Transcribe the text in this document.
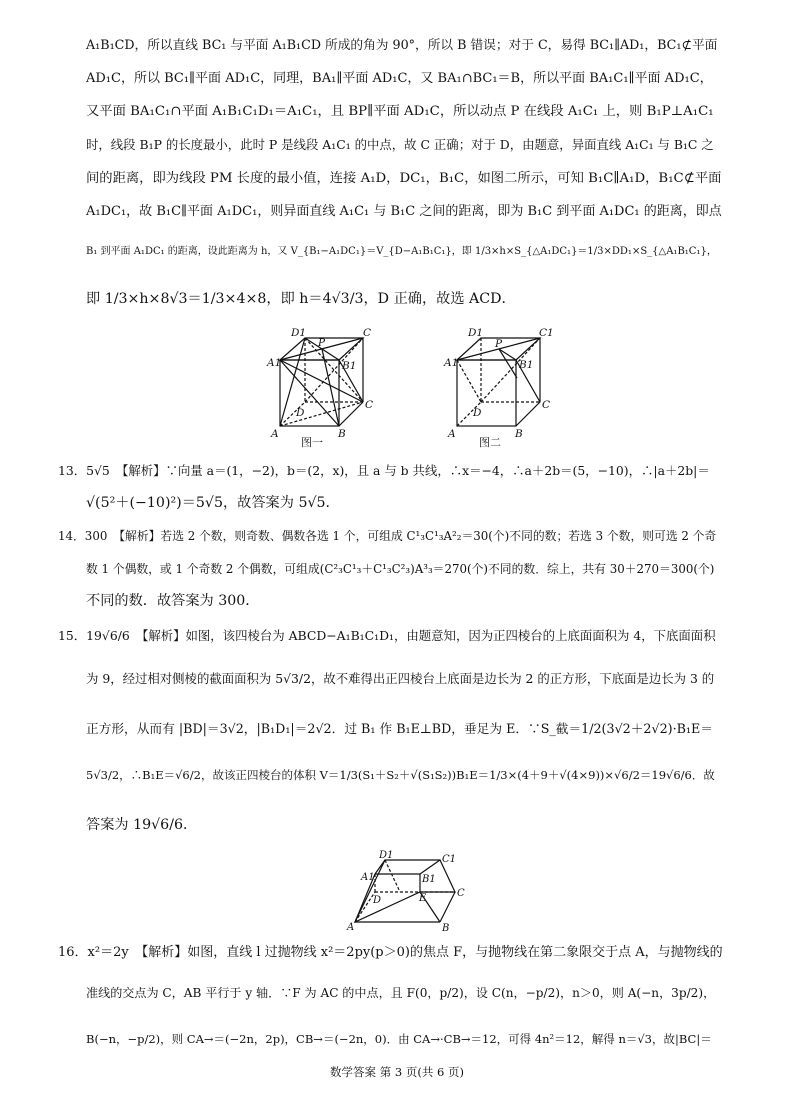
A₁B₁CD，所以直线 BC₁ 与平面 A₁B₁CD 所成的角为 90°，所以 B 错误；对于 C，易得 BC₁∥AD₁，BC₁⊄平面
AD₁C，所以 BC₁∥平面 AD₁C，同理，BA₁∥平面 AD₁C，又 BA₁∩BC₁＝B，所以平面 BA₁C₁∥平面 AD₁C，
又平面 BA₁C₁∩平面 A₁B₁C₁D₁＝A₁C₁，且 BP∥平面 AD₁C，所以动点 P 在线段 A₁C₁ 上，则 B₁P⊥A₁C₁
时，线段 B₁P 的长度最小，此时 P 是线段 A₁C₁ 的中点，故 C 正确；对于 D，由题意，异面直线 A₁C₁ 与 B₁C 之
间的距离，即为线段 PM 长度的最小值，连接 A₁D，DC₁，B₁C，如图二所示，可知 B₁C∥A₁D，B₁C⊄平面
A₁DC₁，故 B₁C∥平面 A₁DC₁，则异面直线 A₁C₁ 与 B₁C 之间的距离，即为 B₁C 到平面 A₁DC₁ 的距离，即点
B₁ 到平面 A₁DC₁ 的距离，设此距离为 h，又 V_{B₁−A₁DC₁}＝V_{D−A₁B₁C₁}，即 1/3×h×S_{△A₁DC₁}＝1/3×DD₁×S_{△A₁B₁C₁}，
即 1/3×h×8√3＝1/3×4×8，即 h＝4√3/3，D 正确，故选 ACD．
D1
P
C
A1	B1
D
A	B
C
图一
D1
P
C1
A1	B1
D
A	B
C
图二
13．5√5　【解析】∵向量 a＝(1，−2)，b＝(2，x)，且 a 与 b 共线，∴x＝−4，∴a＋2b＝(5，−10)，∴|a＋2b|＝
√(5²＋(−10)²)＝5√5，故答案为 5√5．
14．300　【解析】若选 2 个数，则奇数、偶数各选 1 个，可组成 C¹₃C¹₃A²₂＝30(个)不同的数；若选 3 个数，则可选 2 个奇
数 1 个偶数，或 1 个奇数 2 个偶数，可组成(C²₃C¹₃＋C¹₃C²₃)A³₃＝270(个)不同的数．综上，共有 30＋270＝300(个)
不同的数．故答案为 300．
15．19√6/6　【解析】如图，该四棱台为 ABCD−A₁B₁C₁D₁，由题意知，因为正四棱台的上底面面积为 4，下底面面积
为 9，经过相对侧棱的截面面积为 5√3/2，故不难得出正四棱台上底面是边长为 2 的正方形，下底面是边长为 3 的
正方形，从而有 |BD|＝3√2，|B₁D₁|＝2√2．过 B₁ 作 B₁E⊥BD，垂足为 E．∵S_截＝1/2(3√2＋2√2)·B₁E＝
5√3/2，∴B₁E＝√6/2，故该正四棱台的体积 V＝1/3(S₁＋S₂＋√(S₁S₂))B₁E＝1/3×(4＋9＋√(4×9))×√6/2＝19√6/6．故
答案为 19√6/6．
D1	C1
A1	B1
E
D
C
A	B
16．x²＝2y　【解析】如图，直线 l 过抛物线 x²＝2py(p＞0)的焦点 F，与抛物线在第二象限交于点 A，与抛物线的
准线的交点为 C，AB 平行于 y 轴．∵F 为 AC 的中点，且 F(0，p/2)，设 C(n，−p/2)，n＞0，则 A(−n，3p/2)，
B(−n，−p/2)，则 CA→＝(−2n，2p)，CB→＝(−2n，0)．由 CA→·CB→＝12，可得 4n²＝12，解得 n＝√3，故|BC|＝
数学答案 第 3 页(共 6 页)
